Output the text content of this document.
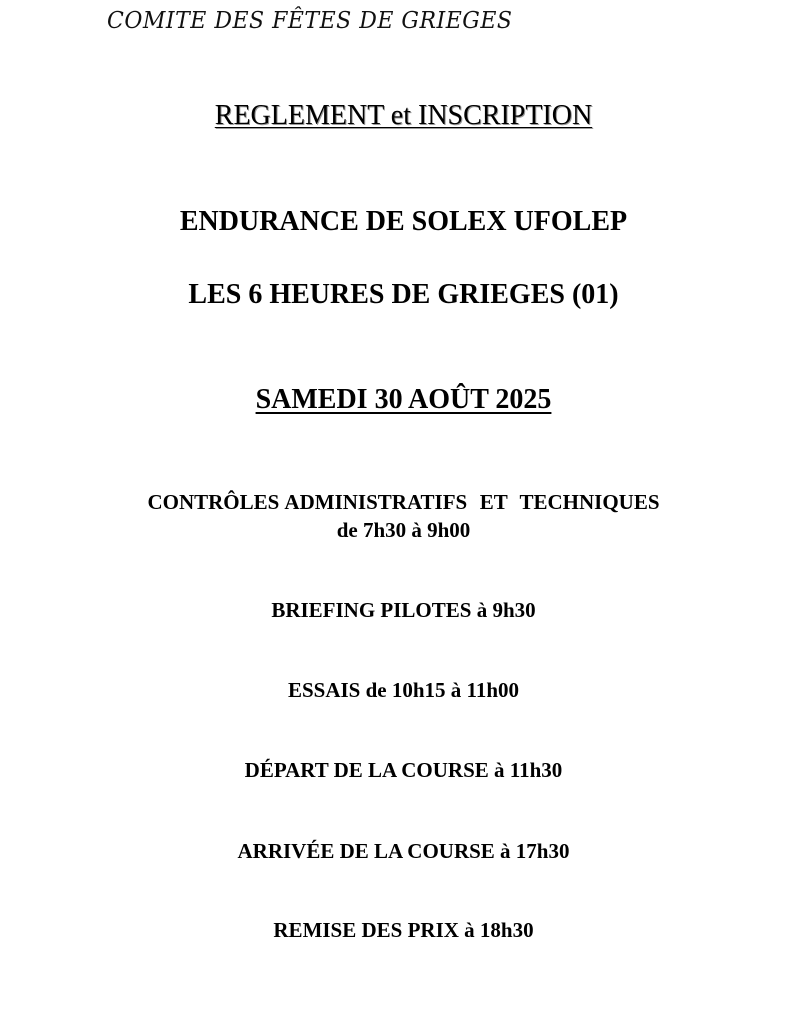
COMITE DES FÊTES DE GRIEGES
REGLEMENT et INSCRIPTION
ENDURANCE DE SOLEX UFOLEP
LES 6 HEURES DE GRIEGES (01)
SAMEDI 30 AOÛT 2025
CONTRÔLES ADMINISTRATIFS  ET  TECHNIQUES
de 7h30 à 9h00
BRIEFING PILOTES à 9h30
ESSAIS de 10h15 à 11h00
DÉPART DE LA COURSE à 11h30
ARRIVÉE DE LA COURSE à 17h30
REMISE DES PRIX à 18h30
